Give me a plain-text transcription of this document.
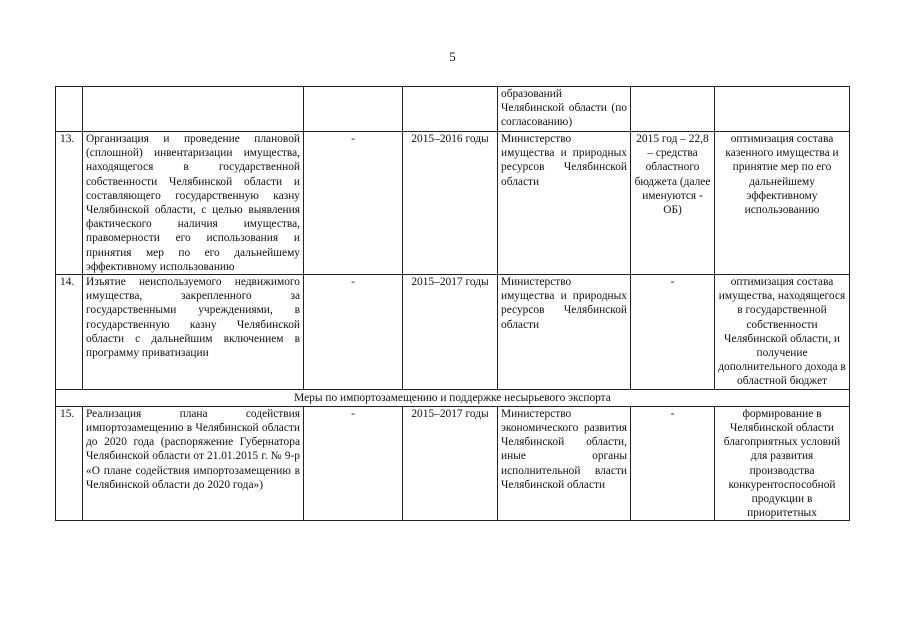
5
				образований Челябинской области (по согласованию)		
13.	Организация и проведение плановой (сплошной) инвентаризации имущества, находящегося в государственной собственности Челябинской области и составляющего государственную казну Челябинской области, с целью выявления фактического наличия имущества, правомерности его использования и принятия мер по его дальнейшему эффективному использованию	-	2015–2016 годы	Министерство имущества и природных ресурсов Челябинской области	2015 год – 22,8 – средства областного бюджета (далее именуются - ОБ)	оптимизация состава казенного имущества и принятие мер по его дальнейшему эффективному использованию
14.	Изъятие неиспользуемого недвижимого имущества, закрепленного за государственными учреждениями, в государственную казну Челябинской области с дальнейшим включением в программу приватизации	-	2015–2017 годы	Министерство имущества и природных ресурсов Челябинской области	-	оптимизация состава имущества, находящегося в государственной собственности Челябинской области, и получение дополнительного дохода в областной бюджет
Меры по импортозамещению и поддержке несырьевого экспорта						
15.	Реализация плана содействия импортозамещению в Челябинской области до 2020 года (распоряжение Губернатора Челябинской области от 21.01.2015 г. № 9-р «О плане содействия импортозамещению в Челябинской области до 2020 года»)	-	2015–2017 годы	Министерство экономического развития Челябинской области, иные органы исполнительной власти Челябинской области	-	формирование в Челябинской области благоприятных условий для развития производства конкурентоспособной продукции в приоритетных
